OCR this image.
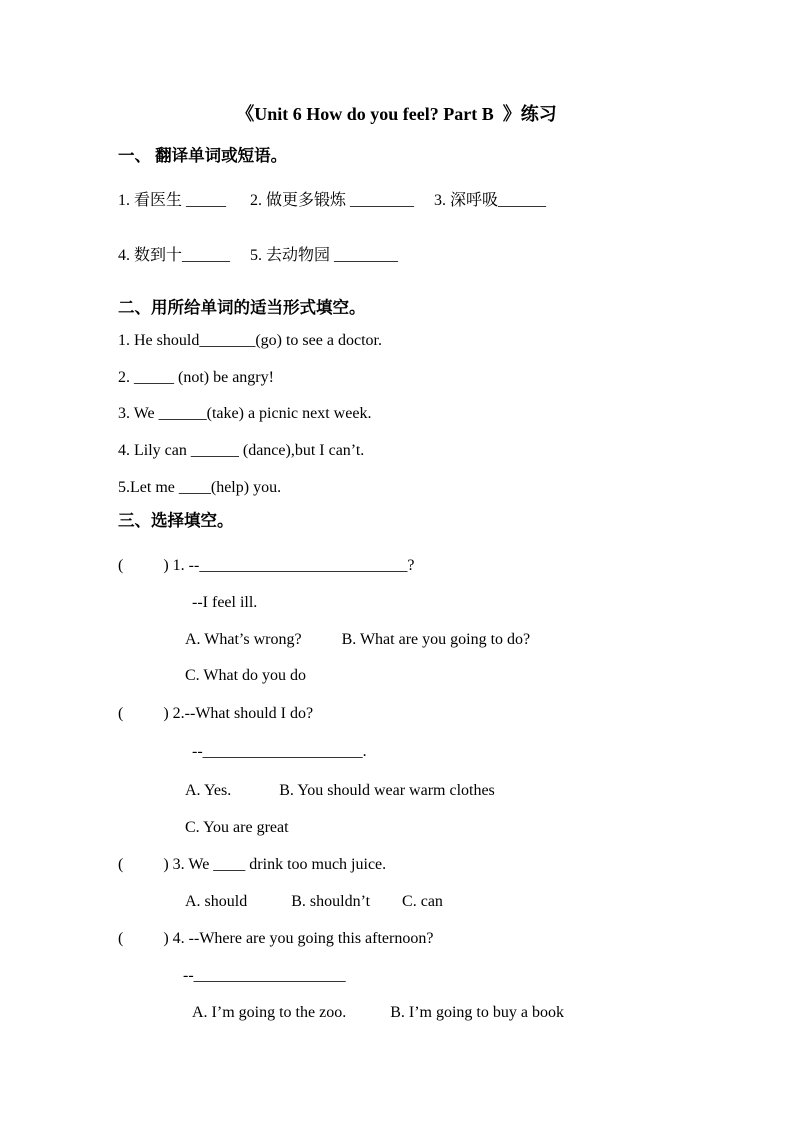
《Unit 6 How do you feel? Part B  》练习
一、 翻译单词或短语。
1. 看医生 _____      2. 做更多锻炼 ________     3. 深呼吸______
4. 数到十______     5. 去动物园 ________
二、用所给单词的适当形式填空。
1. He should_______(go) to see a doctor.
2. _____ (not) be angry!
3. We ______(take) a picnic next week.
4. Lily can ______ (dance),but I can’t.
5.Let me ____(help) you.
三、选择填空。
(          ) 1. --__________________________?
--I feel ill.
A. What’s wrong?          B. What are you going to do?
C. What do you do
(          ) 2.--What should I do?
--____________________.
A. Yes.            B. You should wear warm clothes
C. You are great
(          ) 3. We ____ drink too much juice.
A. should           B. shouldn’t        C. can
(          ) 4. --Where are you going this afternoon?
--___________________
A. I’m going to the zoo.           B. I’m going to buy a book
